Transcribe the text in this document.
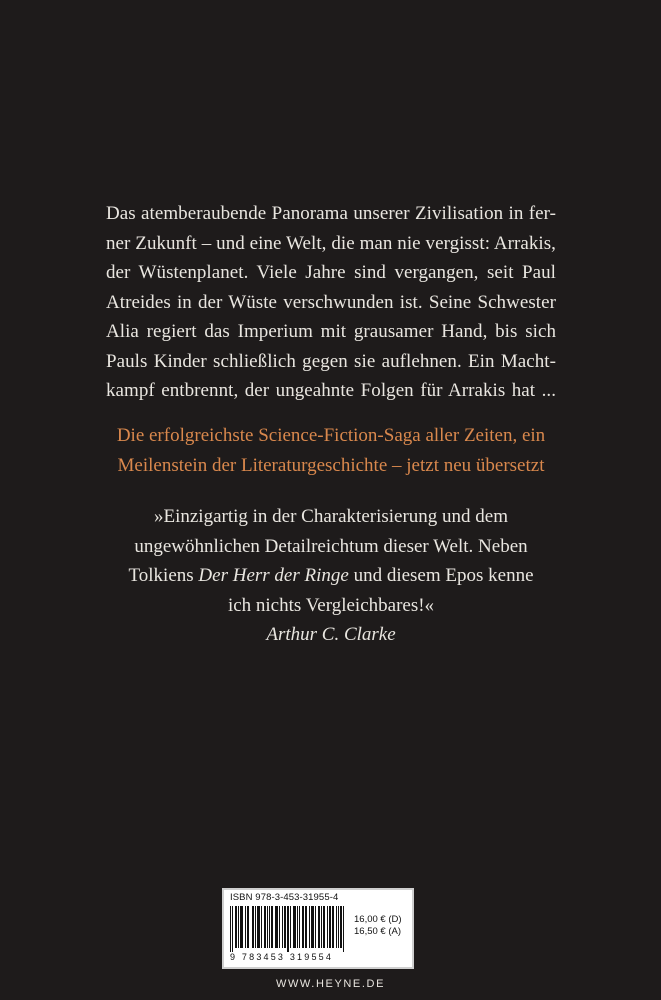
Das atemberaubende Panorama unserer Zivilisation in fer-
ner Zukunft – und eine Welt, die man nie vergisst: Arrakis,
der Wüstenplanet. Viele Jahre sind vergangen, seit Paul
Atreides in der Wüste verschwunden ist. Seine Schwester
Alia regiert das Imperium mit grausamer Hand, bis sich
Pauls Kinder schließlich gegen sie auflehnen. Ein Macht-
kampf entbrennt, der ungeahnte Folgen für Arrakis hat ...

Die erfolgreichste Science-Fiction-Saga aller Zeiten, ein
Meilenstein der Literaturgeschichte – jetzt neu übersetzt
»Einzigartig in der Charakterisierung und dem
ungewöhnlichen Detailreichtum dieser Welt. Neben
Tolkiens Der Herr der Ringe und diesem Epos kenne
ich nichts Vergleichbares!«
Arthur C. Clarke
ISBN 978-3-453-31955-4
9 783453 319554
16,00 € (D)
16,50 € (A)
WWW.HEYNE.DE
